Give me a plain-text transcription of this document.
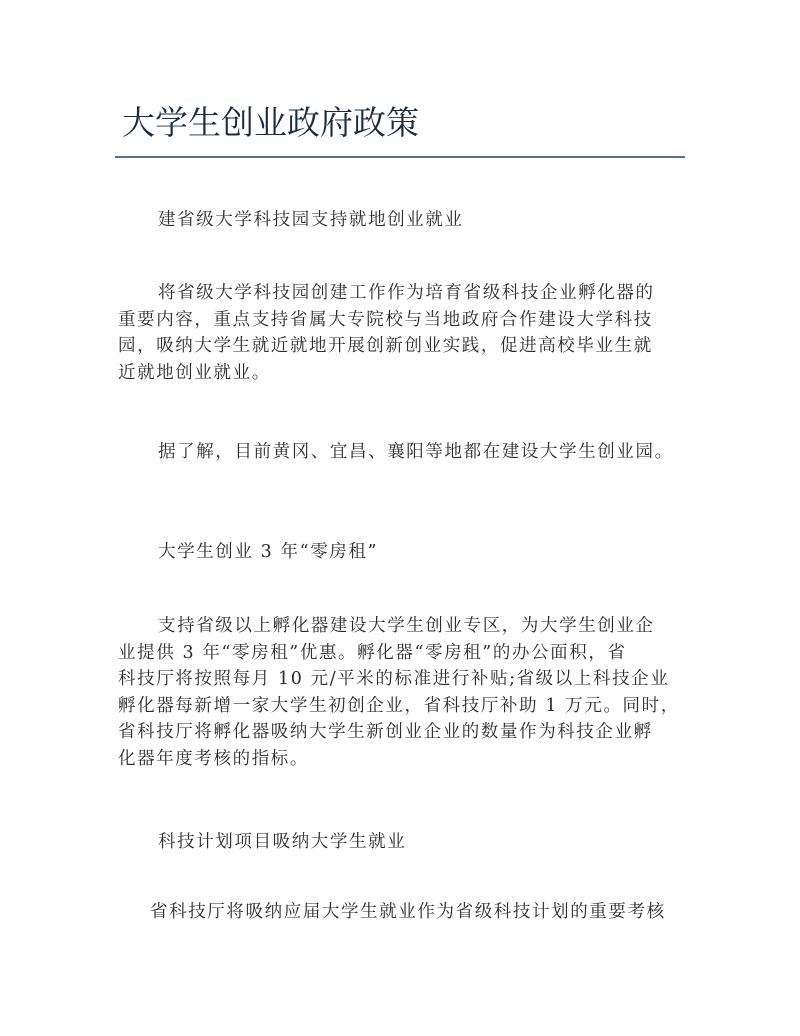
大学生创业政府政策

建省级大学科技园支持就地创业就业

将省级大学科技园创建工作作为培育省级科技企业孵化器的
重要内容，重点支持省属大专院校与当地政府合作建设大学科技
园，吸纳大学生就近就地开展创新创业实践，促进高校毕业生就
近就地创业就业。
据了解，目前黄冈、宜昌、襄阳等地都在建设大学生创业园。

大学生创业 3 年“零房租”

支持省级以上孵化器建设大学生创业专区，为大学生创业企
业提供 3 年“零房租”优惠。孵化器“零房租”的办公面积，省
科技厅将按照每月 10 元/平米的标准进行补贴;省级以上科技企业
孵化器每新增一家大学生初创企业，省科技厅补助 1 万元。同时，
省科技厅将孵化器吸纳大学生新创业企业的数量作为科技企业孵
化器年度考核的指标。

科技计划项目吸纳大学生就业

省科技厅将吸纳应届大学生就业作为省级科技计划的重要考核
